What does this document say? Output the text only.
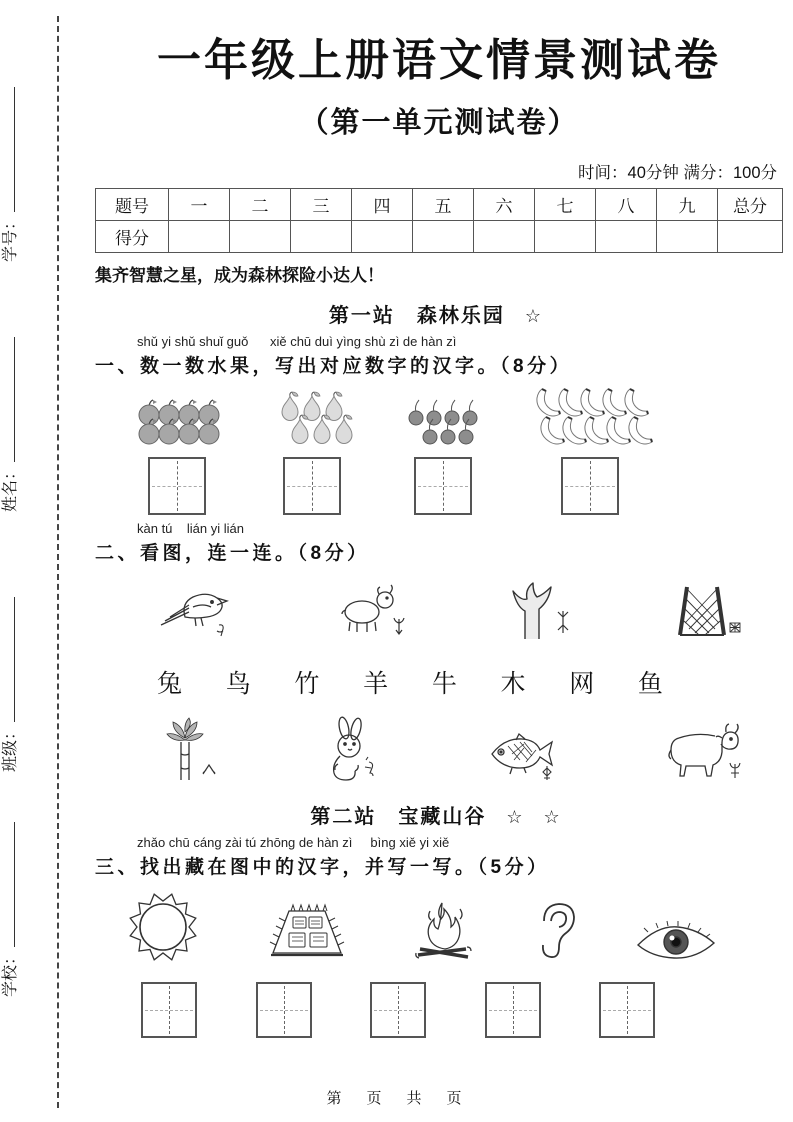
学号：
姓名：
班级：
学校：
一年级上册语文情景测试卷
（第一单元测试卷）
时间：40分钟 满分：100分
题号	一	二	三	四	五	六	七	八	九	总分
得分										
集齐智慧之星，成为森林探险小达人！
第一站　森林乐园 ☆
shǔ yi shǔ shuǐ guǒ      xiě chū duì yìng shù zì de hàn zì
一、数一数水果，写出对应数字的汉字。（8分）
kàn tú    lián yi lián
二、看图，连一连。（8分）
兔 鸟 竹 羊 牛 木 网 鱼
第二站　宝藏山谷 ☆ ☆
zhǎo chū cáng zài tú zhōng de hàn zì     bìng xiě yi xiě
三、找出藏在图中的汉字，并写一写。（5分）
第　页　共　页
